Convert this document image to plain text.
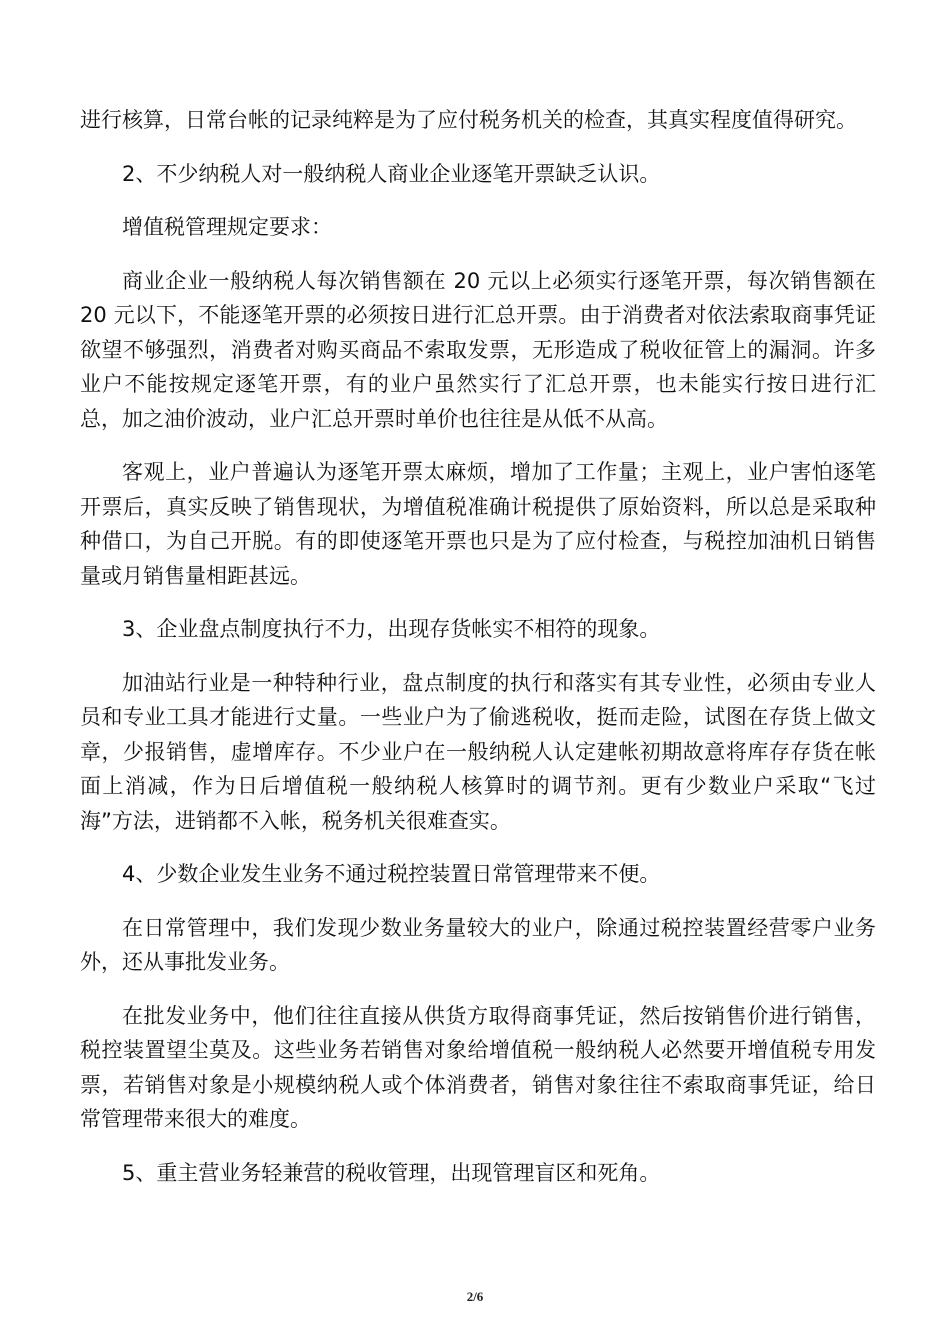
进行核算，日常台帐的记录纯粹是为了应付税务机关的检查，其真实程度值得研究。

2、不少纳税人对一般纳税人商业企业逐笔开票缺乏认识。

增值税管理规定要求：

商业企业一般纳税人每次销售额在 20 元以上必须实行逐笔开票，每次销售额在 20 元以下，不能逐笔开票的必须按日进行汇总开票。由于消费者对依法索取商事凭证欲望不够强烈，消费者对购买商品不索取发票，无形造成了税收征管上的漏洞。许多业户不能按规定逐笔开票，有的业户虽然实行了汇总开票，也未能实行按日进行汇总，加之油价波动，业户汇总开票时单价也往往是从低不从高。

客观上，业户普遍认为逐笔开票太麻烦，增加了工作量；主观上，业户害怕逐笔开票后，真实反映了销售现状，为增值税准确计税提供了原始资料，所以总是采取种种借口，为自己开脱。有的即使逐笔开票也只是为了应付检查，与税控加油机日销售量或月销售量相距甚远。

3、企业盘点制度执行不力，出现存货帐实不相符的现象。

加油站行业是一种特种行业，盘点制度的执行和落实有其专业性，必须由专业人员和专业工具才能进行丈量。一些业户为了偷逃税收，挺而走险，试图在存货上做文章，少报销售，虚增库存。不少业户在一般纳税人认定建帐初期故意将库存存货在帐面上消减，作为日后增值税一般纳税人核算时的调节剂。更有少数业户采取“飞过海”方法，进销都不入帐，税务机关很难查实。

4、少数企业发生业务不通过税控装置日常管理带来不便。

在日常管理中，我们发现少数业务量较大的业户，除通过税控装置经营零户业务外，还从事批发业务。

在批发业务中，他们往往直接从供货方取得商事凭证，然后按销售价进行销售，税控装置望尘莫及。这些业务若销售对象给增值税一般纳税人必然要开增值税专用发票，若销售对象是小规模纳税人或个体消费者，销售对象往往不索取商事凭证，给日常管理带来很大的难度。

5、重主营业务轻兼营的税收管理，出现管理盲区和死角。

2/6
